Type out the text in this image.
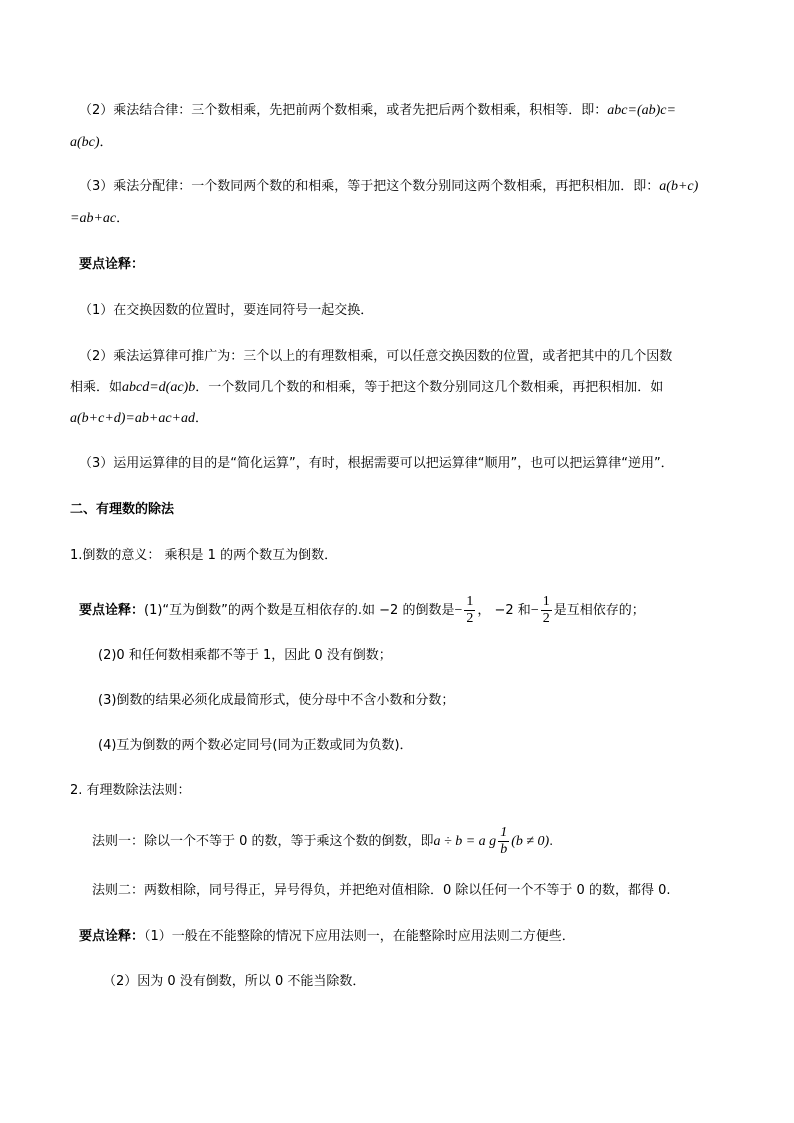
（2）乘法结合律：三个数相乘，先把前两个数相乘，或者先把后两个数相乘，积相等．即：abc=(ab)c=
a(bc)．
（3）乘法分配律：一个数同两个数的和相乘，等于把这个数分别同这两个数相乘，再把积相加．即：a(b+c)
=ab+ac．
要点诠释：
（1）在交换因数的位置时，要连同符号一起交换．
（2）乘法运算律可推广为：三个以上的有理数相乘，可以任意交换因数的位置，或者把其中的几个因数
相乘．如abcd=d(ac)b．一个数同几个数的和相乘，等于把这个数分别同这几个数相乘，再把积相加．如
a(b+c+d)=ab+ac+ad．
（3）运用运算律的目的是“简化运算”，有时，根据需要可以把运算律“顺用”，也可以把运算律“逆用”．
二、有理数的除法
1.倒数的意义： 乘积是 1 的两个数互为倒数．
要点诠释：(1)“互为倒数”的两个数是互相依存的.如 −2 的倒数是− $\frac{1}{2}$ ， −2 和− $\frac{1}{2}$ 是互相依存的；
(2)0 和任何数相乘都不等于 1，因此 0 没有倒数；
(3)倒数的结果必须化成最简形式，使分母中不含小数和分数；
(4)互为倒数的两个数必定同号(同为正数或同为负数)．
2. 有理数除法法则：
法则一：除以一个不等于 0 的数，等于乘这个数的倒数，即a ÷ b = a g $\frac{1}{b} (b \ne 0)$.
法则二：两数相除，同号得正，异号得负，并把绝对值相除．0 除以任何一个不等于 0 的数，都得 0.
要点诠释：（1）一般在不能整除的情况下应用法则一，在能整除时应用法则二方便些．
（2）因为 0 没有倒数，所以 0 不能当除数．
